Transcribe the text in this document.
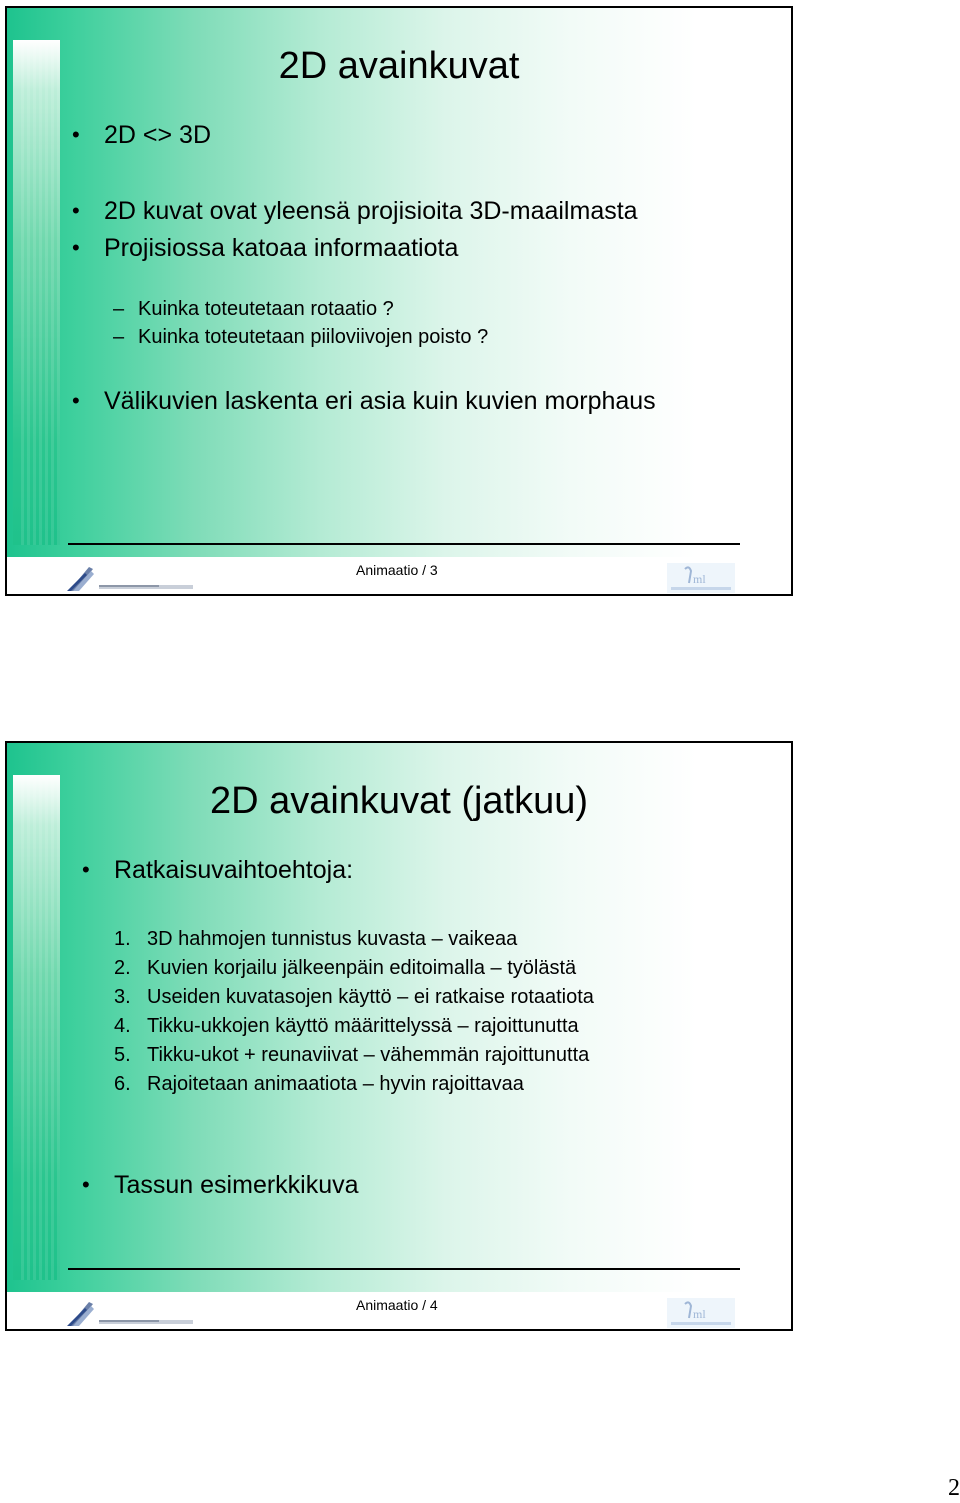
2D avainkuvat
• 2D <> 3D
• 2D kuvat ovat yleensä projisioita 3D-maailmasta
• Projisiossa katoaa informaatiota
– Kuinka toteutetaan rotaatio ?
– Kuinka toteutetaan piiloviivojen poisto ?
• Välikuvien laskenta eri asia kuin kuvien morphaus
Animaatio / 3
ml
2D avainkuvat (jatkuu)
• Ratkaisuvaihtoehtoja:
1. 3D hahmojen tunnistus kuvasta – vaikeaa
2. Kuvien korjailu jälkeenpäin editoimalla – työlästä
3. Useiden kuvatasojen käyttö – ei ratkaise rotaatiota
4. Tikku-ukkojen käyttö määrittelyssä – rajoittunutta
5. Tikku-ukot + reunaviivat – vähemmän rajoittunutta
6. Rajoitetaan animaatiota – hyvin rajoittavaa
• Tassun esimerkkikuva
Animaatio / 4
ml
2
